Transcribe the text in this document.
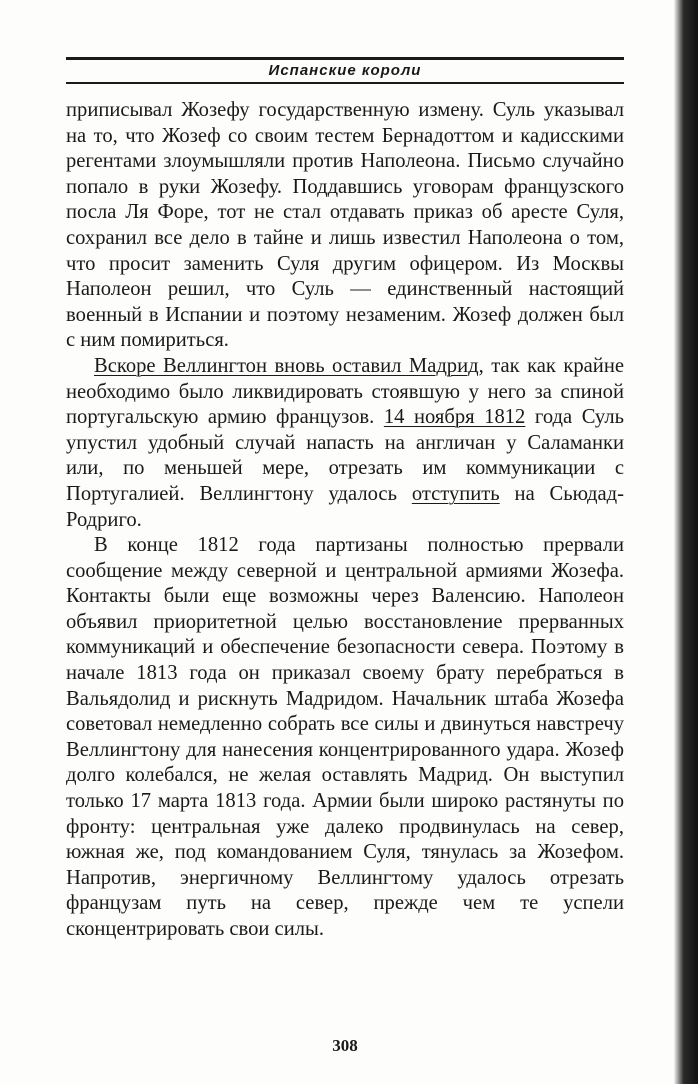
Испанские короли

приписывал Жозефу государственную измену. Суль указывал на то, что Жозеф со своим тестем Бернадоттом и кадисскими регентами злоумышляли против Наполеона. Письмо случайно попало в руки Жозефу. Поддавшись уговорам французского посла Ля Форе, тот не стал отдавать приказ об аресте Суля, сохранил все дело в тайне и лишь известил Наполеона о том, что просит заменить Суля другим офицером. Из Москвы Наполеон решил, что Суль — единственный настоящий военный в Испании и поэтому незаменим. Жозеф должен был с ним помириться.

Вскоре Веллингтон вновь оставил Мадрид, так как крайне необходимо было ликвидировать стоявшую у него за спиной португальскую армию французов. 14 ноября 1812 года Суль упустил удобный случай напасть на англичан у Саламанки или, по меньшей мере, отрезать им коммуникации с Португалией. Веллингтону удалось отступить на Сьюдад-Родриго.

В конце 1812 года партизаны полностью прервали сообщение между северной и центральной армиями Жозефа. Контакты были еще возможны через Валенсию. Наполеон объявил приоритетной целью восстановление прерванных коммуникаций и обеспечение безопасности севера. Поэтому в начале 1813 года он приказал своему брату перебраться в Вальядолид и рискнуть Мадридом. Начальник штаба Жозефа советовал немедленно собрать все силы и двинуться навстречу Веллингтону для нанесения концентрированного удара. Жозеф долго колебался, не желая оставлять Мадрид. Он выступил только 17 марта 1813 года. Армии были широко растянуты по фронту: центральная уже далеко продвинулась на север, южная же, под командованием Суля, тянулась за Жозефом. Напротив, энергичному Веллингтому удалось отрезать французам путь на север, прежде чем те успели сконцентрировать свои силы.

308
